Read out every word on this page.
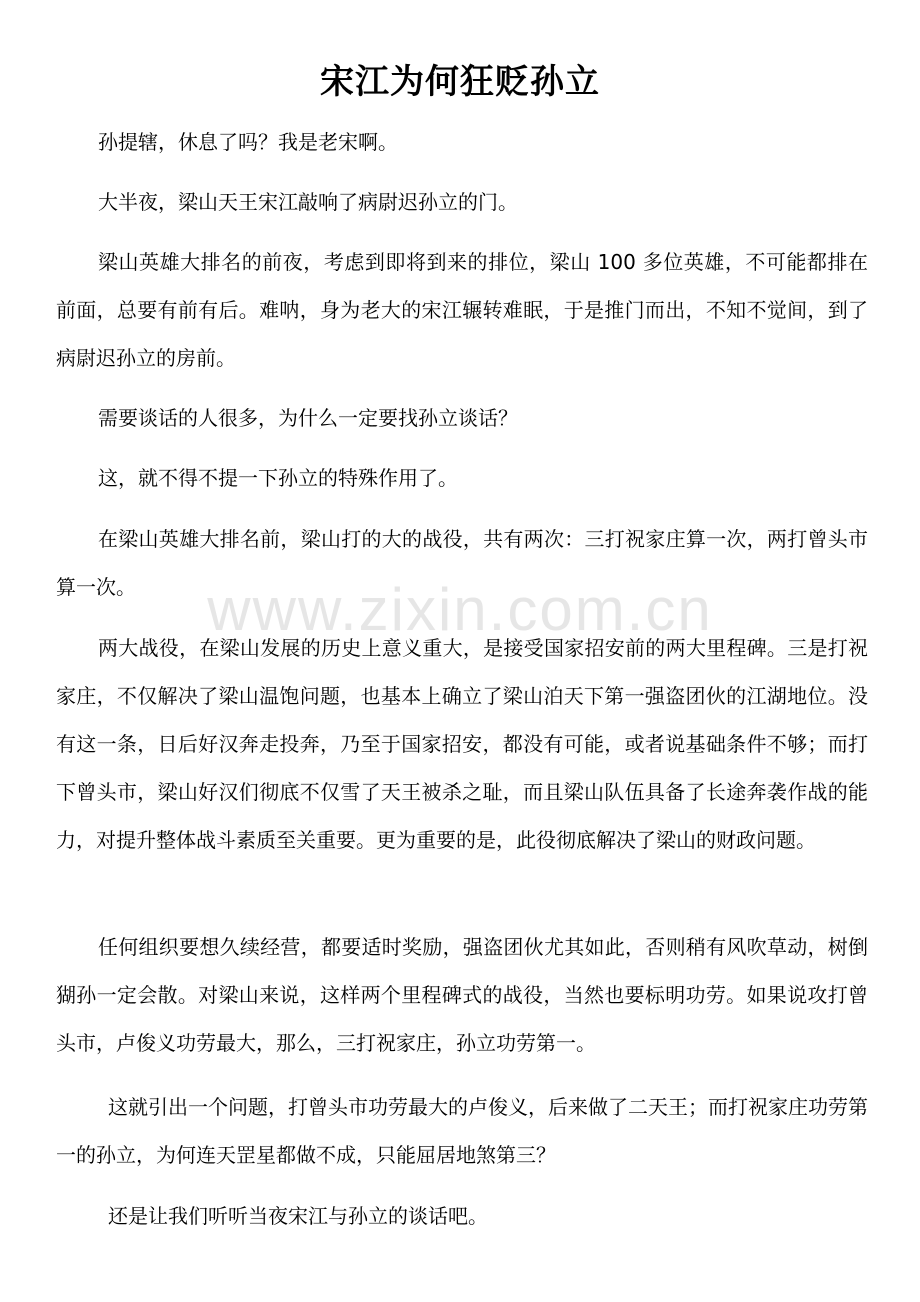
www.zixin.com.cn
宋江为何狂贬孙立

孙提辖，休息了吗？我是老宋啊。

大半夜，梁山天王宋江敲响了病尉迟孙立的门。

梁山英雄大排名的前夜，考虑到即将到来的排位，梁山 100 多位英雄，不可能都排在前面，总要有前有后。难呐，身为老大的宋江辗转难眠，于是推门而出，不知不觉间，到了病尉迟孙立的房前。

需要谈话的人很多，为什么一定要找孙立谈话？

这，就不得不提一下孙立的特殊作用了。

在梁山英雄大排名前，梁山打的大的战役，共有两次：三打祝家庄算一次，两打曾头市算一次。

两大战役，在梁山发展的历史上意义重大，是接受国家招安前的两大里程碑。三是打祝家庄，不仅解决了梁山温饱问题，也基本上确立了梁山泊天下第一强盗团伙的江湖地位。没有这一条，日后好汉奔走投奔，乃至于国家招安，都没有可能，或者说基础条件不够；而打下曾头市，梁山好汉们彻底不仅雪了天王被杀之耻，而且梁山队伍具备了长途奔袭作战的能力，对提升整体战斗素质至关重要。更为重要的是，此役彻底解决了梁山的财政问题。

任何组织要想久续经营，都要适时奖励，强盗团伙尤其如此，否则稍有风吹草动，树倒猢孙一定会散。对梁山来说，这样两个里程碑式的战役，当然也要标明功劳。如果说攻打曾头市，卢俊义功劳最大，那么，三打祝家庄，孙立功劳第一。

这就引出一个问题，打曾头市功劳最大的卢俊义，后来做了二天王；而打祝家庄功劳第一的孙立，为何连天罡星都做不成，只能屈居地煞第三？

还是让我们听听当夜宋江与孙立的谈话吧。
